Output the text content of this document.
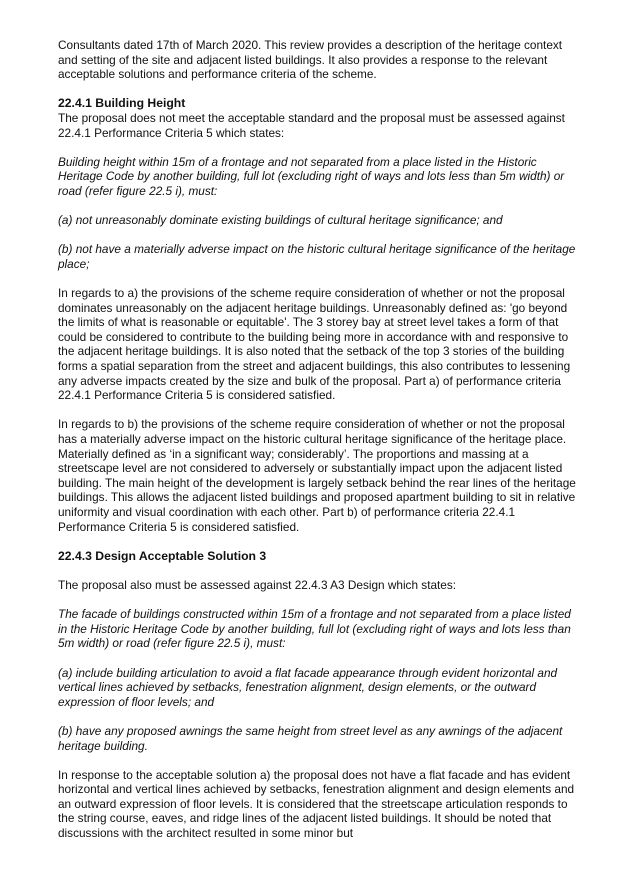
Consultants dated 17th of March 2020. This review provides a description of the heritage context and setting of the site and adjacent listed buildings. It also provides a response to the relevant acceptable solutions and performance criteria of the scheme.

22.4.1 Building Height

The proposal does not meet the acceptable standard and the proposal must be assessed against 22.4.1 Performance Criteria 5 which states:

Building height within 15m of a frontage and not separated from a place listed in the Historic Heritage Code by another building, full lot (excluding right of ways and lots less than 5m width) or road (refer figure 22.5 i), must:

(a) not unreasonably dominate existing buildings of cultural heritage significance; and

(b) not have a materially adverse impact on the historic cultural heritage significance of the heritage place;

In regards to a) the provisions of the scheme require consideration of whether or not the proposal dominates unreasonably on the adjacent heritage buildings. Unreasonably defined as: 'go beyond the limits of what is reasonable or equitable'. The 3 storey bay at street level takes a form of that could be considered to contribute to the building being more in accordance with and responsive to the adjacent heritage buildings. It is also noted that the setback of the top 3 stories of the building forms a spatial separation from the street and adjacent buildings, this also contributes to lessening any adverse impacts created by the size and bulk of the proposal. Part a) of performance criteria 22.4.1 Performance Criteria 5 is considered satisfied.

In regards to b) the provisions of the scheme require consideration of whether or not the proposal has a materially adverse impact on the historic cultural heritage significance of the heritage place. Materially defined as ‘in a significant way; considerably’. The proportions and massing at a streetscape level are not considered to adversely or substantially impact upon the adjacent listed building. The main height of the development is largely setback behind the rear lines of the heritage buildings. This allows the adjacent listed buildings and proposed apartment building to sit in relative uniformity and visual coordination with each other. Part b) of performance criteria 22.4.1 Performance Criteria 5 is considered satisfied.

22.4.3 Design Acceptable Solution 3

The proposal also must be assessed against 22.4.3 A3 Design which states:

The facade of buildings constructed within 15m of a frontage and not separated from a place listed in the Historic Heritage Code by another building, full lot (excluding right of ways and lots less than 5m width) or road (refer figure 22.5 i), must:

(a) include building articulation to avoid a flat facade appearance through evident horizontal and vertical lines achieved by setbacks, fenestration alignment, design elements, or the outward expression of floor levels; and

(b) have any proposed awnings the same height from street level as any awnings of the adjacent heritage building.

In response to the acceptable solution a) the proposal does not have a flat facade and has evident horizontal and vertical lines achieved by setbacks, fenestration alignment and design elements and an outward expression of floor levels. It is considered that the streetscape articulation responds to the string course, eaves, and ridge lines of the adjacent listed buildings. It should be noted that discussions with the architect resulted in some minor but
